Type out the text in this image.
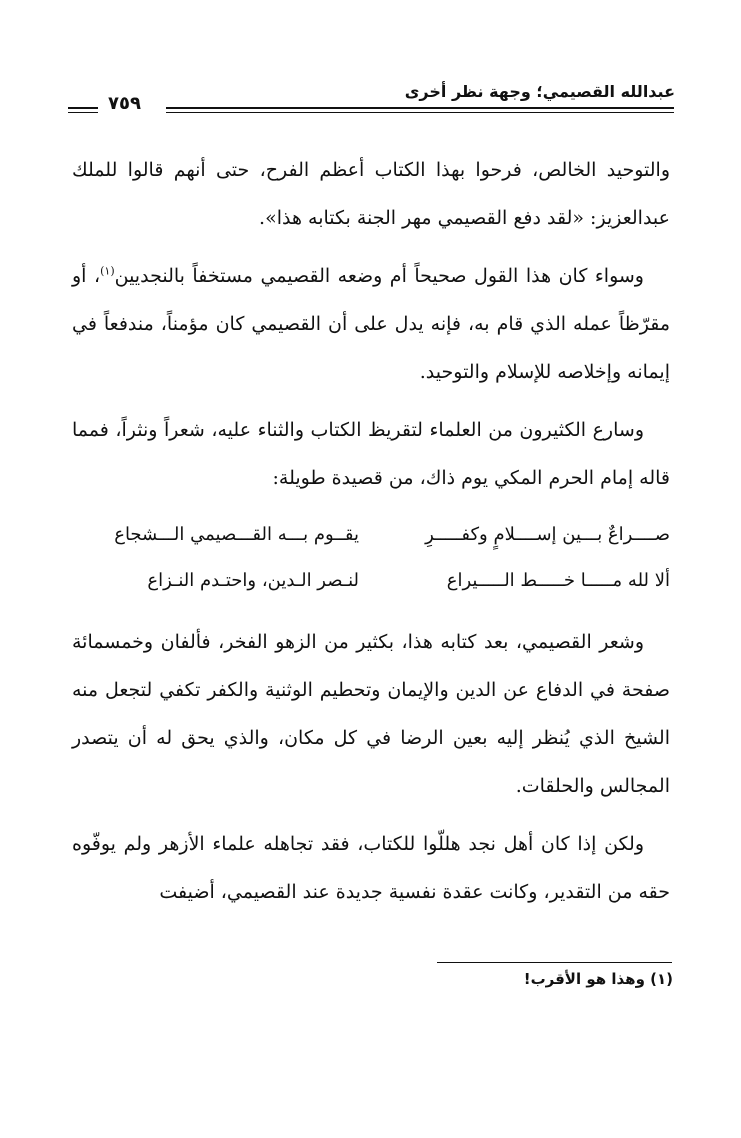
عبدالله القصيمي؛ وجهة نظر أخرى
٧٥٩

والتوحيد الخالص، فرحوا بهذا الكتاب أعظم الفرح، حتى أنهم قالوا للملك عبدالعزيز: «لقد دفع القصيمي مهر الجنة بكتابه هذا».

وسواء كان هذا القول صحيحاً أم وضعه القصيمي مستخفاً بالنجديين$^{(١)}$، أو مقرّظاً عمله الذي قام به، فإنه يدل على أن القصيمي كان مؤمناً، مندفعاً في إيمانه وإخلاصه للإسلام والتوحيد.

وسارع الكثيرون من العلماء لتقريظ الكتاب والثناء عليه، شعراً ونثراً، فمما قاله إمام الحرم المكي يوم ذاك، من قصيدة طويلة:

صــــراعٌ بـــين إســــلامٍ وكفـــــرِ
يقــوم بـــه القـــصيمي الـــشجاع
ألا لله مـــــا خـــــط الـــــيراع
لنـصر الـدين، واحتـدم النـزاع

وشعر القصيمي، بعد كتابه هذا، بكثير من الزهو الفخر، فألفان وخمسمائة صفحة في الدفاع عن الدين والإيمان وتحطيم الوثنية والكفر تكفي لتجعل منه الشيخ الذي يُنظر إليه بعين الرضا في كل مكان، والذي يحق له أن يتصدر المجالس والحلقات.

ولكن إذا كان أهل نجد هللّوا للكتاب، فقد تجاهله علماء الأزهر ولم يوفّوه حقه من التقدير، وكانت عقدة نفسية جديدة عند القصيمي، أضيفت

(١) وهذا هو الأقرب!
